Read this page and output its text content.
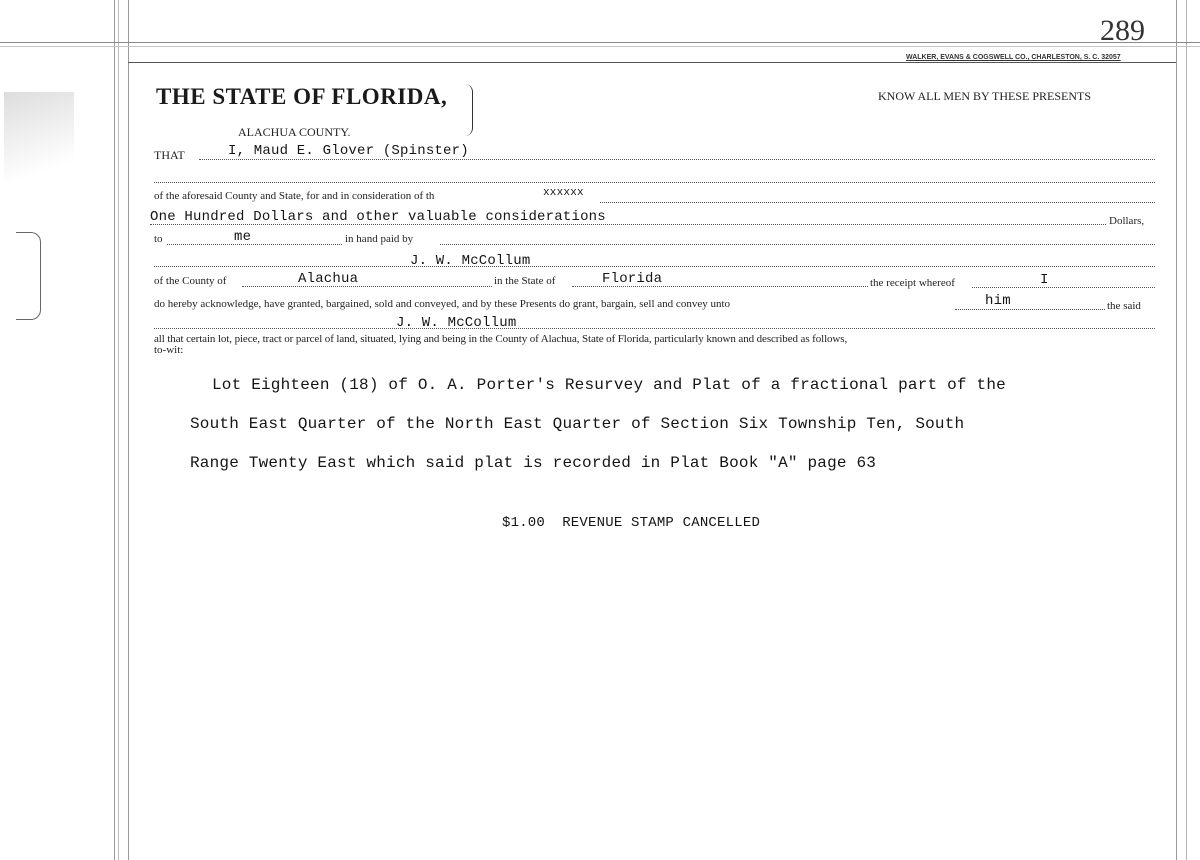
289
WALKER, EVANS & COGSWELL CO., CHARLESTON, S. C. 32057
THE STATE OF FLORIDA,
ALACHUA COUNTY.
KNOW ALL MEN BY THESE PRESENTS
THAT	I, Maud E. Glover (Spinster)
of the aforesaid County and State, for and in consideration of th	xxxxxx
One Hundred Dollars and other valuable considerations	Dollars,
to	me	in hand paid by
J. W. McCollum
of the County of	Alachua	in the State of	Florida	the receipt whereof	I
do hereby acknowledge, have granted, bargained, sold and conveyed, and by these Presents do grant, bargain, sell and convey unto	him	the said
J. W. McCollum
all that certain lot, piece, tract or parcel of land, situated, lying and being in the County of Alachua, State of Florida, particularly known and described as follows,
to-wit:
Lot Eighteen (18) of O. A. Porter's Resurvey and Plat of a fractional part of the
South East Quarter of the North East Quarter of Section Six Township Ten, South
Range Twenty East which said plat is recorded in Plat Book "A" page 63
$1.00  REVENUE STAMP CANCELLED
